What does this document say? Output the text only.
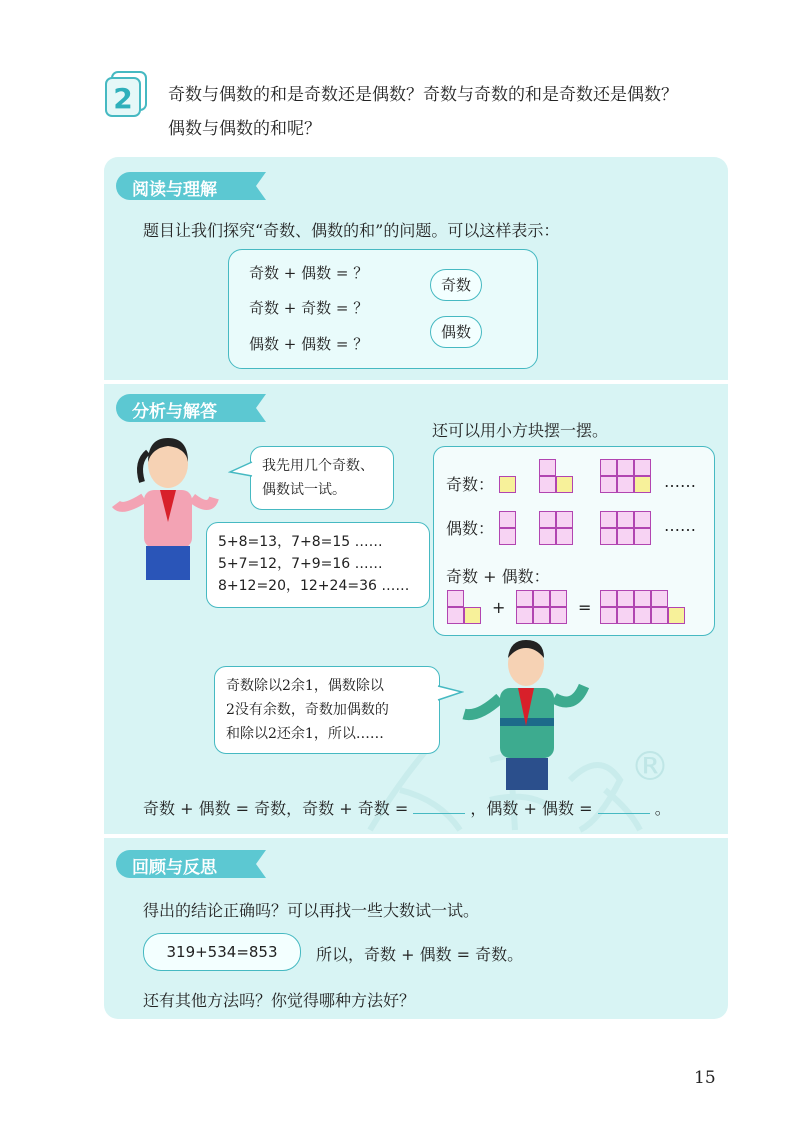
2 奇数与偶数的和是奇数还是偶数？奇数与奇数的和是奇数还是偶数？
偶数与偶数的和呢？
®
阅读与理解
题目让我们探究“奇数、偶数的和”的问题。可以这样表示：
奇数 + 偶数 = ？
奇数 + 奇数 = ？
偶数 + 偶数 = ？
奇数
偶数
分析与解答
我先用几个奇数、
偶数试一试。
5+8=13，7+8=15 ……
5+7=12，7+9=16 ……
8+12=20，12+24=36 ……
还可以用小方块摆一摆。
奇数：
偶数：
奇数 + 偶数：
……
……
+	=
奇数除以2余1，偶数除以
2没有余数，奇数加偶数的
和除以2还余1，所以……
奇数 + 偶数 = 奇数，奇数 + 奇数 =	，偶数 + 偶数 =	。
回顾与反思
得出的结论正确吗？可以再找一些大数试一试。
319+534=853	所以，奇数 + 偶数 = 奇数。
还有其他方法吗？你觉得哪种方法好？
15
